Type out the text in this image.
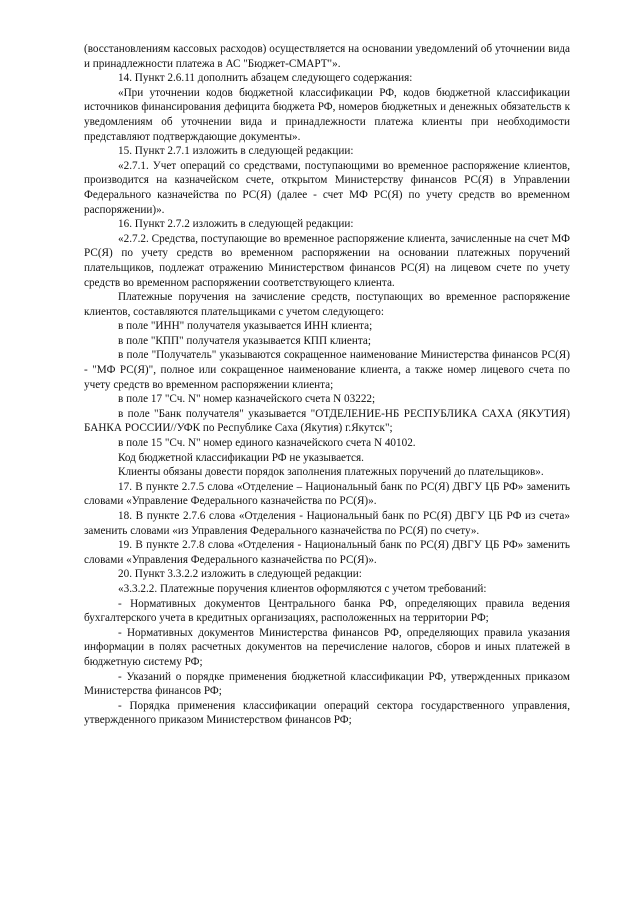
(восстановлениям кассовых расходов) осуществляется на основании уведомлений об уточнении вида и принадлежности платежа в АС "Бюджет-СМАРТ"».

14. Пункт 2.6.11 дополнить абзацем следующего содержания:

«При уточнении кодов бюджетной классификации РФ, кодов бюджетной классификации источников финансирования дефицита бюджета РФ, номеров бюджетных и денежных обязательств к уведомлениям об уточнении вида и принадлежности платежа клиенты при необходимости представляют подтверждающие документы».

15. Пункт 2.7.1 изложить в следующей редакции:

«2.7.1. Учет операций со средствами, поступающими во временное распоряжение клиентов, производится на казначейском счете, открытом Министерству финансов РС(Я) в Управлении Федерального казначейства по РС(Я) (далее - счет МФ РС(Я) по учету средств во временном распоряжении)».

16. Пункт 2.7.2 изложить в следующей редакции:

«2.7.2. Средства, поступающие во временное распоряжение клиента, зачисленные на счет МФ РС(Я) по учету средств во временном распоряжении на основании платежных поручений плательщиков, подлежат отражению Министерством финансов РС(Я) на лицевом счете по учету средств во временном распоряжении соответствующего клиента.

Платежные поручения на зачисление средств, поступающих во временное распоряжение клиентов, составляются плательщиками с учетом следующего:

в поле "ИНН" получателя указывается ИНН клиента;

в поле "КПП" получателя указывается КПП клиента;

в поле "Получатель" указываются сокращенное наименование Министерства финансов РС(Я) - "МФ РС(Я)", полное или сокращенное наименование клиента, а также номер лицевого счета по учету средств во временном распоряжении клиента;

в поле 17 "Сч. N" номер казначейского счета N 03222;

в поле "Банк получателя" указывается "ОТДЕЛЕНИЕ-НБ РЕСПУБЛИКА САХА (ЯКУТИЯ) БАНКА РОССИИ//УФК по Республике Саха (Якутия) г.Якутск";

в поле 15 "Сч. N" номер единого казначейского счета N 40102.

Код бюджетной классификации РФ не указывается.

Клиенты обязаны довести порядок заполнения платежных поручений до плательщиков».

17. В пункте 2.7.5 слова «Отделение – Национальный банк по РС(Я) ДВГУ ЦБ РФ» заменить словами «Управление Федерального казначейства по РС(Я)».

18. В пункте 2.7.6 слова «Отделения - Национальный банк по РС(Я) ДВГУ ЦБ РФ из счета» заменить словами «из Управления Федерального казначейства по РС(Я) по счету».

19. В пункте 2.7.8 слова «Отделения - Национальный банк по РС(Я) ДВГУ ЦБ РФ» заменить словами «Управления Федерального казначейства по РС(Я)».

20. Пункт 3.3.2.2 изложить в следующей редакции:

«3.3.2.2. Платежные поручения клиентов оформляются с учетом требований:

- Нормативных документов Центрального банка РФ, определяющих правила ведения бухгалтерского учета в кредитных организациях, расположенных на территории РФ;

- Нормативных документов Министерства финансов РФ, определяющих правила указания информации в полях расчетных документов на перечисление налогов, сборов и иных платежей в бюджетную систему РФ;

- Указаний о порядке применения бюджетной классификации РФ, утвержденных приказом Министерства финансов РФ;

- Порядка применения классификации операций сектора государственного управления, утвержденного приказом Министерством финансов РФ;
